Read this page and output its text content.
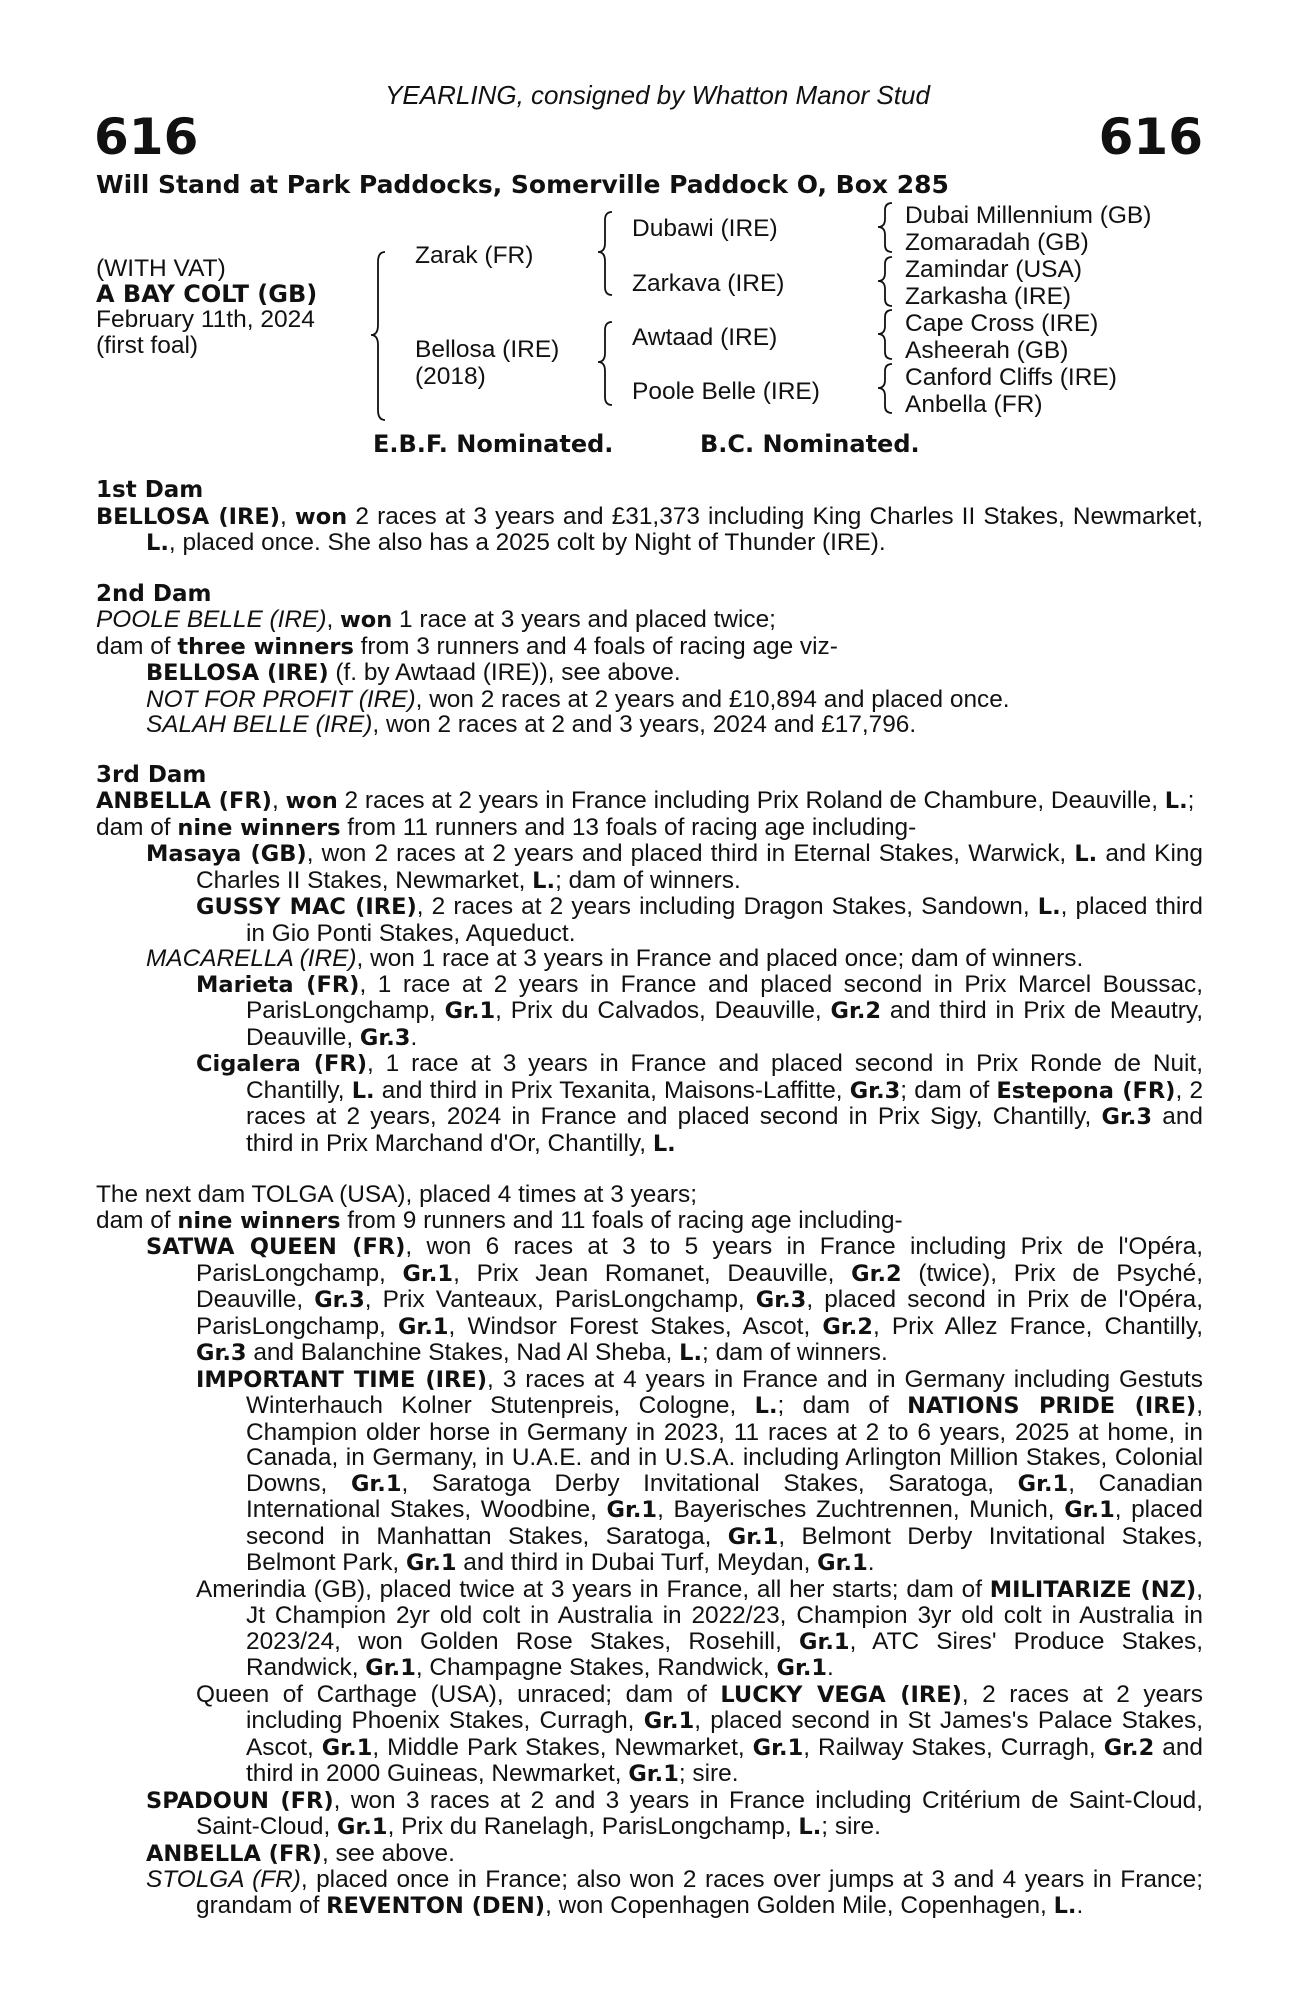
YEARLING, consigned by Whatton Manor Stud
616	616
Will Stand at Park Paddocks, Somerville Paddock O, Box 285
(WITH VAT)
A BAY COLT (GB)
February 11th, 2024
(first foal)
Zarak (FR)
Bellosa (IRE)
(2018)
Dubawi (IRE)
Zarkava (IRE)
Awtaad (IRE)
Poole Belle (IRE)
Dubai Millennium (GB)
Zomaradah (GB)
Zamindar (USA)
Zarkasha (IRE)
Cape Cross (IRE)
Asheerah (GB)
Canford Cliffs (IRE)
Anbella (FR)
E.B.F. Nominated.	B.C. Nominated.
1st Dam
BELLOSA (IRE), won 2 races at 3 years and £31,373 including King Charles II Stakes, Newmarket, L., placed once. She also has a 2025 colt by Night of Thunder (IRE).
2nd Dam
POOLE BELLE (IRE), won 1 race at 3 years and placed twice;
dam of three winners from 3 runners and 4 foals of racing age viz-
BELLOSA (IRE) (f. by Awtaad (IRE)), see above.
NOT FOR PROFIT (IRE), won 2 races at 2 years and £10,894 and placed once.
SALAH BELLE (IRE), won 2 races at 2 and 3 years, 2024 and £17,796.
3rd Dam
ANBELLA (FR), won 2 races at 2 years in France including Prix Roland de Chambure, Deauville, L.;
dam of nine winners from 11 runners and 13 foals of racing age including-
Masaya (GB), won 2 races at 2 years and placed third in Eternal Stakes, Warwick, L. and King Charles II Stakes, Newmarket, L.; dam of winners.
GUSSY MAC (IRE), 2 races at 2 years including Dragon Stakes, Sandown, L., placed third in Gio Ponti Stakes, Aqueduct.
MACARELLA (IRE), won 1 race at 3 years in France and placed once; dam of winners.
Marieta (FR), 1 race at 2 years in France and placed second in Prix Marcel Boussac, ParisLongchamp, Gr.1, Prix du Calvados, Deauville, Gr.2 and third in Prix de Meautry, Deauville, Gr.3.
Cigalera (FR), 1 race at 3 years in France and placed second in Prix Ronde de Nuit, Chantilly, L. and third in Prix Texanita, Maisons-Laffitte, Gr.3; dam of Estepona (FR), 2 races at 2 years, 2024 in France and placed second in Prix Sigy, Chantilly, Gr.3 and third in Prix Marchand d'Or, Chantilly, L.
The next dam TOLGA (USA), placed 4 times at 3 years;
dam of nine winners from 9 runners and 11 foals of racing age including-
SATWA QUEEN (FR), won 6 races at 3 to 5 years in France including Prix de l'Opéra, ParisLongchamp, Gr.1, Prix Jean Romanet, Deauville, Gr.2 (twice), Prix de Psyché, Deauville, Gr.3, Prix Vanteaux, ParisLongchamp, Gr.3, placed second in Prix de l'Opéra, ParisLongchamp, Gr.1, Windsor Forest Stakes, Ascot, Gr.2, Prix Allez France, Chantilly, Gr.3 and Balanchine Stakes, Nad Al Sheba, L.; dam of winners.
IMPORTANT TIME (IRE), 3 races at 4 years in France and in Germany including Gestuts Winterhauch Kolner Stutenpreis, Cologne, L.; dam of NATIONS PRIDE (IRE), Champion older horse in Germany in 2023, 11 races at 2 to 6 years, 2025 at home, in Canada, in Germany, in U.A.E. and in U.S.A. including Arlington Million Stakes, Colonial Downs, Gr.1, Saratoga Derby Invitational Stakes, Saratoga, Gr.1, Canadian International Stakes, Woodbine, Gr.1, Bayerisches Zuchtrennen, Munich, Gr.1, placed second in Manhattan Stakes, Saratoga, Gr.1, Belmont Derby Invitational Stakes, Belmont Park, Gr.1 and third in Dubai Turf, Meydan, Gr.1.
Amerindia (GB), placed twice at 3 years in France, all her starts; dam of MILITARIZE (NZ), Jt Champion 2yr old colt in Australia in 2022/23, Champion 3yr old colt in Australia in 2023/24, won Golden Rose Stakes, Rosehill, Gr.1, ATC Sires' Produce Stakes, Randwick, Gr.1, Champagne Stakes, Randwick, Gr.1.
Queen of Carthage (USA), unraced; dam of LUCKY VEGA (IRE), 2 races at 2 years including Phoenix Stakes, Curragh, Gr.1, placed second in St James's Palace Stakes, Ascot, Gr.1, Middle Park Stakes, Newmarket, Gr.1, Railway Stakes, Curragh, Gr.2 and third in 2000 Guineas, Newmarket, Gr.1; sire.
SPADOUN (FR), won 3 races at 2 and 3 years in France including Critérium de Saint-Cloud, Saint-Cloud, Gr.1, Prix du Ranelagh, ParisLongchamp, L.; sire.
ANBELLA (FR), see above.
STOLGA (FR), placed once in France; also won 2 races over jumps at 3 and 4 years in France; grandam of REVENTON (DEN), won Copenhagen Golden Mile, Copenhagen, L..
